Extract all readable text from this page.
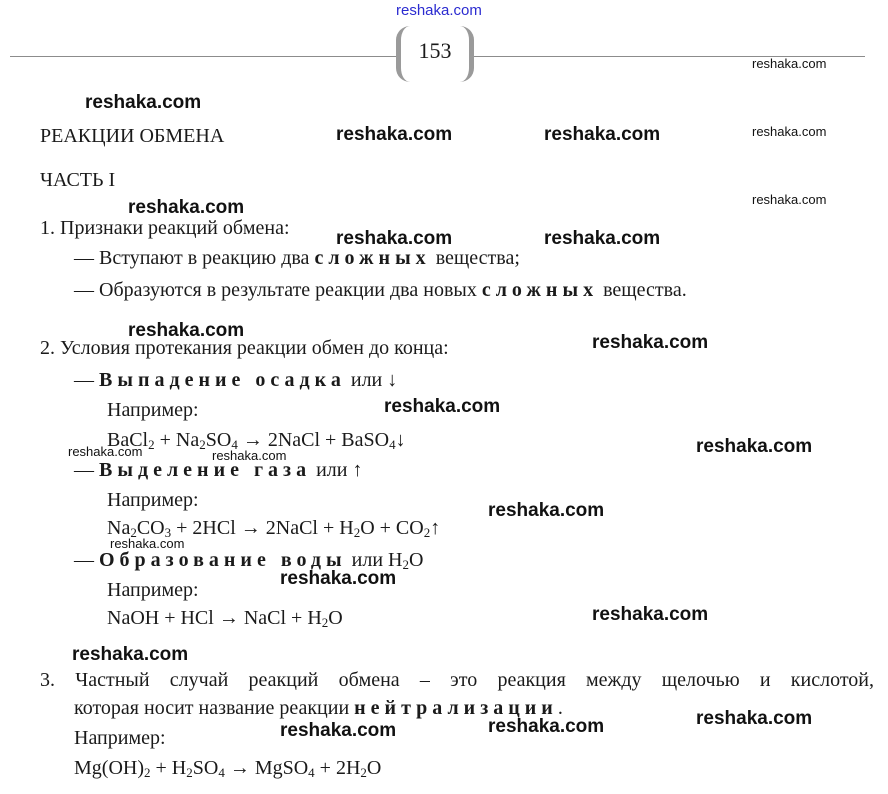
reshaka.com
153
РЕАКЦИИ ОБМЕНА
ЧАСТЬ I
1. Признаки реакций обмена:
— Вступают в реакцию два сложных вещества;
— Образуются в результате реакции два новых сложных вещества.
2. Условия протекания реакции обмен до конца:
— Выпадение осадка или ↓
Например:
BaCl$_2$ + $Na_2SO_4$ → 2NaCl + BaSO$_4$↓
— Выделение газа или ↑
Например:
$Na_2CO_3 + 2HCl$ → 2NaCl + $H_2O$ + $CO_2↑$
— Образование воды или $H_2O$
Например:
NaOH + HCl → NaCl + $H_2O$
3. Частный случай реакций обмена – это реакция между щелочью и кислотой,
которая носит название реакции нейтрализации.
Например:
$Mg(OH)_2 + H_2SO_4$ → MgSO$_4$ + $2H_2O$
reshaka.com
reshaka.com
reshaka.com	reshaka.com	reshaka.com
reshaka.com	reshaka.com
reshaka.com	reshaka.com
reshaka.com
reshaka.com
reshaka.com
reshaka.com
reshaka.com	reshaka.com
reshaka.com
reshaka.com
reshaka.com
reshaka.com
reshaka.com
reshaka.com
reshaka.com	reshaka.com
